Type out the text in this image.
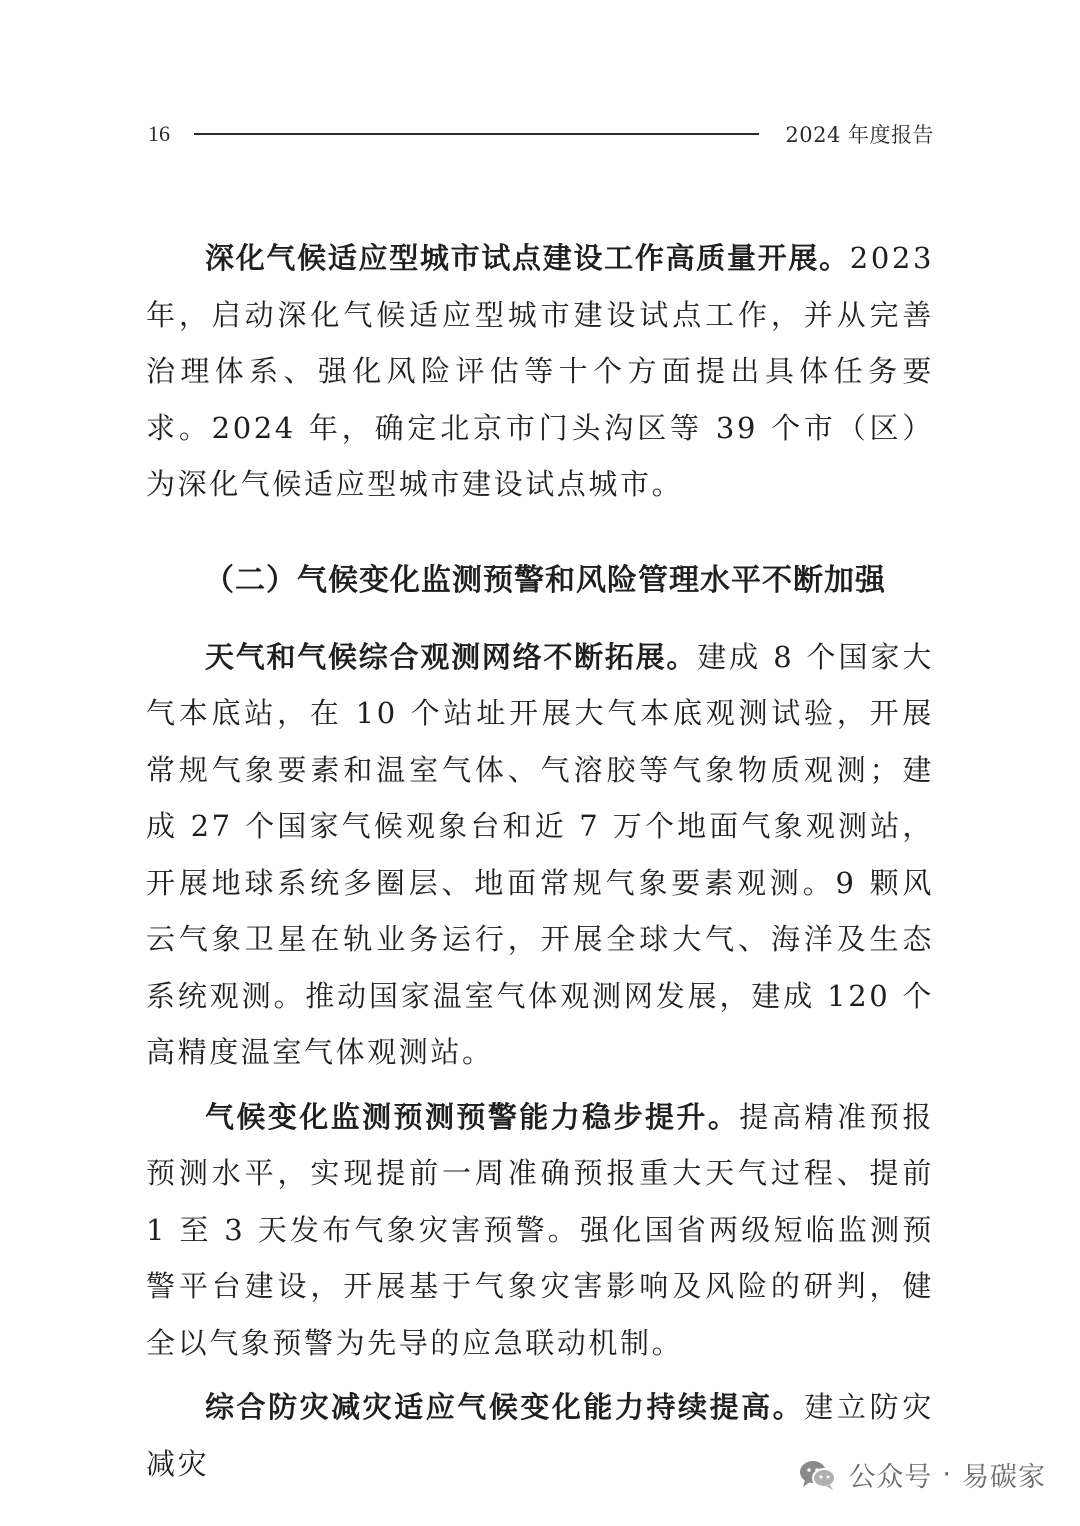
16	2024 年度报告

深化气候适应型城市试点建设工作高质量开展。2023 年，启动深化气候适应型城市建设试点工作，并从完善治理体系、强化风险评估等十个方面提出具体任务要求。2024 年，确定北京市门头沟区等 39 个市（区）为深化气候适应型城市建设试点城市。

（二）气候变化监测预警和风险管理水平不断加强

天气和气候综合观测网络不断拓展。建成 8 个国家大气本底站，在 10 个站址开展大气本底观测试验，开展常规气象要素和温室气体、气溶胶等气象物质观测；建成 27 个国家气候观象台和近 7 万个地面气象观测站，开展地球系统多圈层、地面常规气象要素观测。9 颗风云气象卫星在轨业务运行，开展全球大气、海洋及生态系统观测。推动国家温室气体观测网发展，建成 120 个高精度温室气体观测站。

气候变化监测预测预警能力稳步提升。提高精准预报预测水平，实现提前一周准确预报重大天气过程、提前 1 至 3 天发布气象灾害预警。强化国省两级短临监测预警平台建设，开展基于气象灾害影响及风险的研判，健全以气象预警为先导的应急联动机制。

综合防灾减灾适应气候变化能力持续提高。建立防灾减灾	公众号 · 易碳家
